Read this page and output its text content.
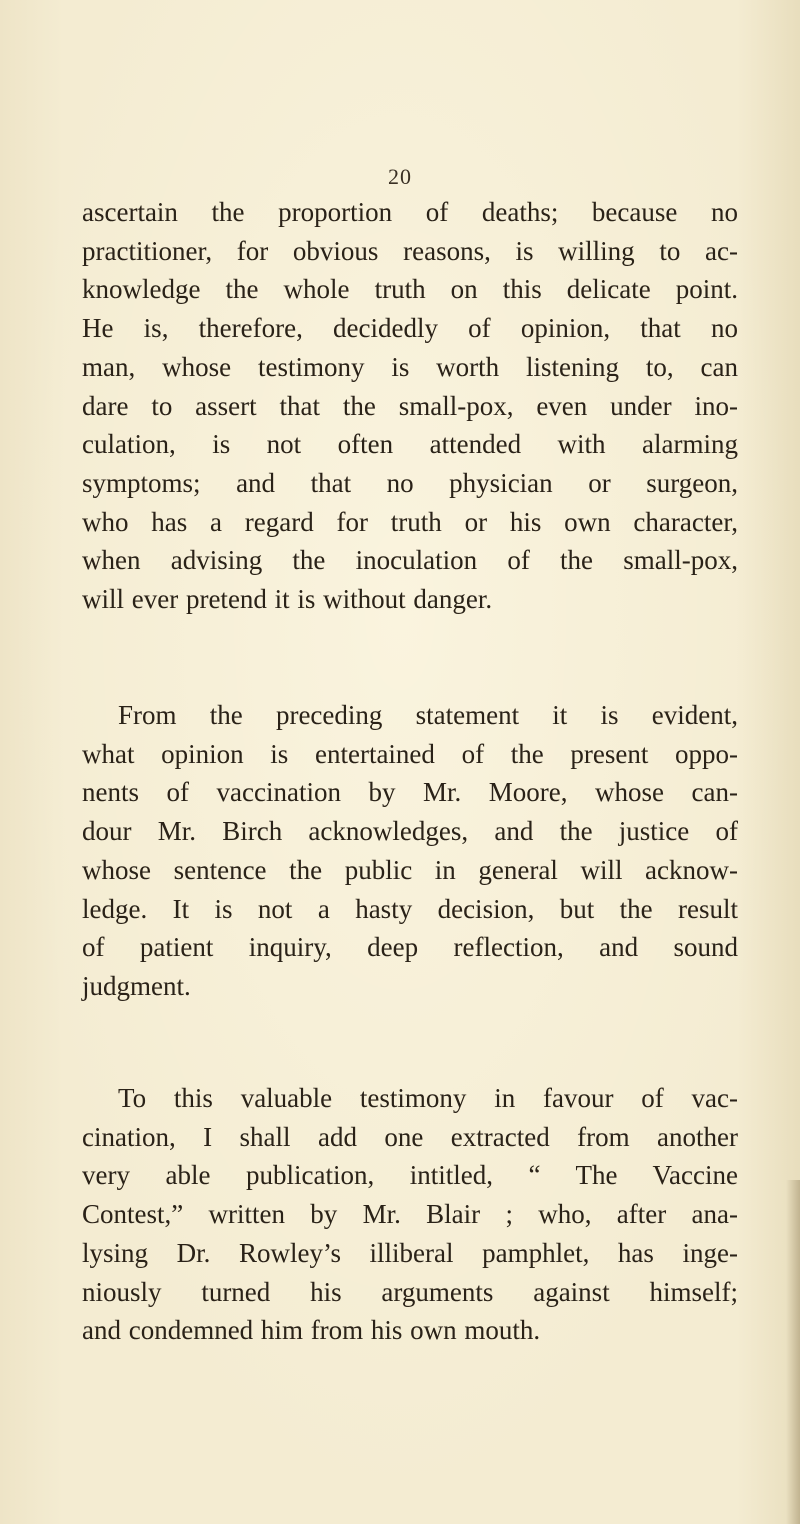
20

ascertain the proportion of deaths; because no
practitioner, for obvious reasons, is willing to ac-
knowledge the whole truth on this delicate point.
He is, therefore, decidedly of opinion, that no
man, whose testimony is worth listening to, can
dare to assert that the small-pox, even under ino-
culation, is not often attended with alarming
symptoms; and that no physician or surgeon,
who has a regard for truth or his own character,
when advising the inoculation of the small-pox,
will ever pretend it is without danger.

From the preceding statement it is evident,
what opinion is entertained of the present oppo-
nents of vaccination by Mr. Moore, whose can-
dour Mr. Birch acknowledges, and the justice of
whose sentence the public in general will acknow-
ledge. It is not a hasty decision, but the result
of patient inquiry, deep reflection, and sound
judgment.

To this valuable testimony in favour of vac-
cination, I shall add one extracted from another
very able publication, intitled, “ The Vaccine
Contest,” written by Mr. Blair ; who, after ana-
lysing Dr. Rowley’s illiberal pamphlet, has inge-
niously turned his arguments against himself;
and condemned him from his own mouth.
